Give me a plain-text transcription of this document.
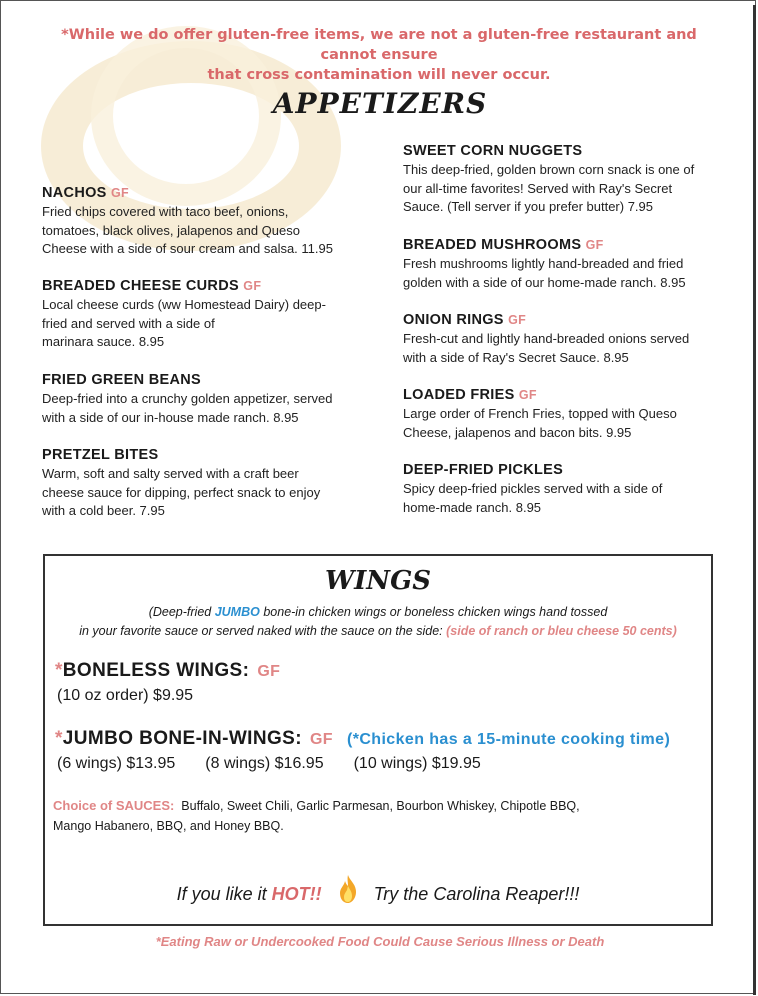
*While we do offer gluten-free items, we are not a gluten-free restaurant and cannot ensure
that cross contamination will never occur.
APPETIZERS
NACHOS GF
Fried chips covered with taco beef, onions,
tomatoes, black olives, jalapenos and Queso
Cheese with a side of sour cream and salsa. 11.95
BREADED CHEESE CURDS GF
Local cheese curds (ww Homestead Dairy) deep-
fried and served with a side of
marinara sauce. 8.95
FRIED GREEN BEANS
Deep-fried into a crunchy golden appetizer, served
with a side of our in-house made ranch. 8.95
PRETZEL BITES
Warm, soft and salty served with a craft beer
cheese sauce for dipping, perfect snack to enjoy
with a cold beer. 7.95
SWEET CORN NUGGETS
This deep-fried, golden brown corn snack is one of
our all-time favorites! Served with Ray's Secret
Sauce. (Tell server if you prefer butter) 7.95
BREADED MUSHROOMS GF
Fresh mushrooms lightly hand-breaded and fried
golden with a side of our home-made ranch. 8.95
ONION RINGS GF
Fresh-cut and lightly hand-breaded onions served
with a side of Ray's Secret Sauce. 8.95
LOADED FRIES GF
Large order of French Fries, topped with Queso
Cheese, jalapenos and bacon bits. 9.95
DEEP-FRIED PICKLES
Spicy deep-fried pickles served with a side of
home-made ranch. 8.95
WINGS
(Deep-fried JUMBO bone-in chicken wings or boneless chicken wings hand tossed
in your favorite sauce or served naked with the sauce on the side: (side of ranch or bleu cheese 50 cents)
*BONELESS WINGS: GF
(10 oz order) $9.95
*JUMBO BONE-IN-WINGS: GF (*Chicken has a 15-minute cooking time)
(6 wings) $13.95 (8 wings) $16.95 (10 wings) $19.95
Choice of SAUCES: Buffalo, Sweet Chili, Garlic Parmesan, Bourbon Whiskey, Chipotle BBQ,
Mango Habanero, BBQ, and Honey BBQ.
If you like it HOT!!	Try the Carolina Reaper!!!
*Eating Raw or Undercooked Food Could Cause Serious Illness or Death
